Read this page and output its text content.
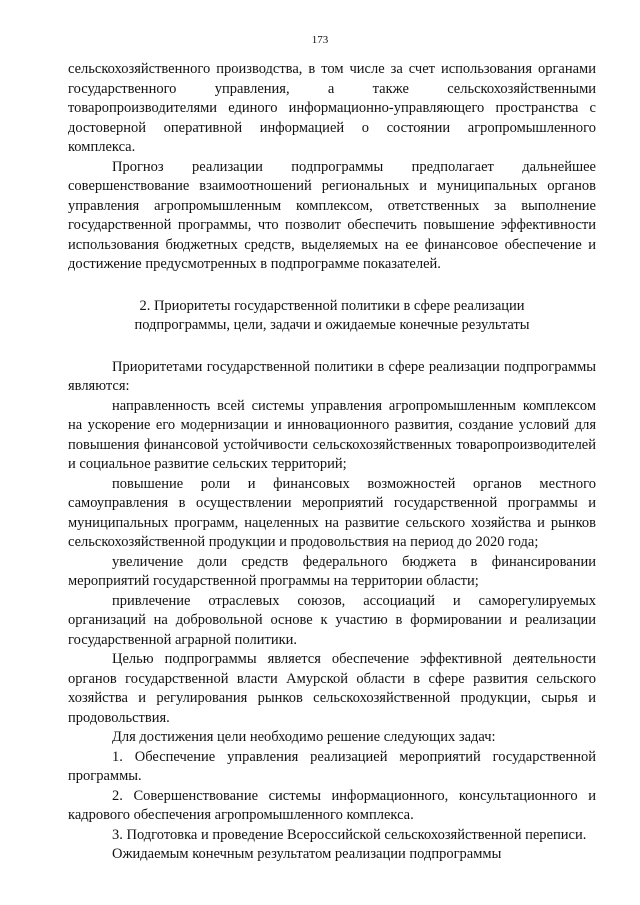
173

сельскохозяйственного производства, в том числе за счет использования органами государственного управления, а также сельскохозяйственными товаропроизводителями единого информационно-управляющего пространства с достоверной оперативной информацией о состоянии агропромышленного комплекса.

Прогноз реализации подпрограммы предполагает дальнейшее совершенствование взаимоотношений региональных и муниципальных органов управления агропромышленным комплексом, ответственных за выполнение государственной программы, что позволит обеспечить повышение эффективности использования бюджетных средств, выделяемых на ее финансовое обеспечение и достижение предусмотренных в подпрограмме показателей.

2. Приоритеты государственной политики в сфере реализации
подпрограммы, цели, задачи и ожидаемые конечные результаты

Приоритетами государственной политики в сфере реализации подпрограммы являются:

направленность всей системы управления агропромышленным комплексом на ускорение его модернизации и инновационного развития, создание условий для повышения финансовой устойчивости сельскохозяйственных товаропроизводителей и социальное развитие сельских территорий;

повышение роли и финансовых возможностей органов местного самоуправления в осуществлении мероприятий государственной программы и муниципальных программ, нацеленных на развитие сельского хозяйства и рынков сельскохозяйственной продукции и продовольствия на период до 2020 года;

увеличение доли средств федерального бюджета в финансировании мероприятий государственной программы на территории области;

привлечение отраслевых союзов, ассоциаций и саморегулируемых организаций на добровольной основе к участию в формировании и реализации государственной аграрной политики.

Целью подпрограммы является обеспечение эффективной деятельности органов государственной власти Амурской области в сфере развития сельского хозяйства и регулирования рынков сельскохозяйственной продукции, сырья и продовольствия.

Для достижения цели необходимо решение следующих задач:

1. Обеспечение управления реализацией мероприятий государственной программы.

2. Совершенствование системы информационного, консультационного и кадрового обеспечения агропромышленного комплекса.

3. Подготовка и проведение Всероссийской сельскохозяйственной переписи.

Ожидаемым конечным результатом реализации подпрограммы
